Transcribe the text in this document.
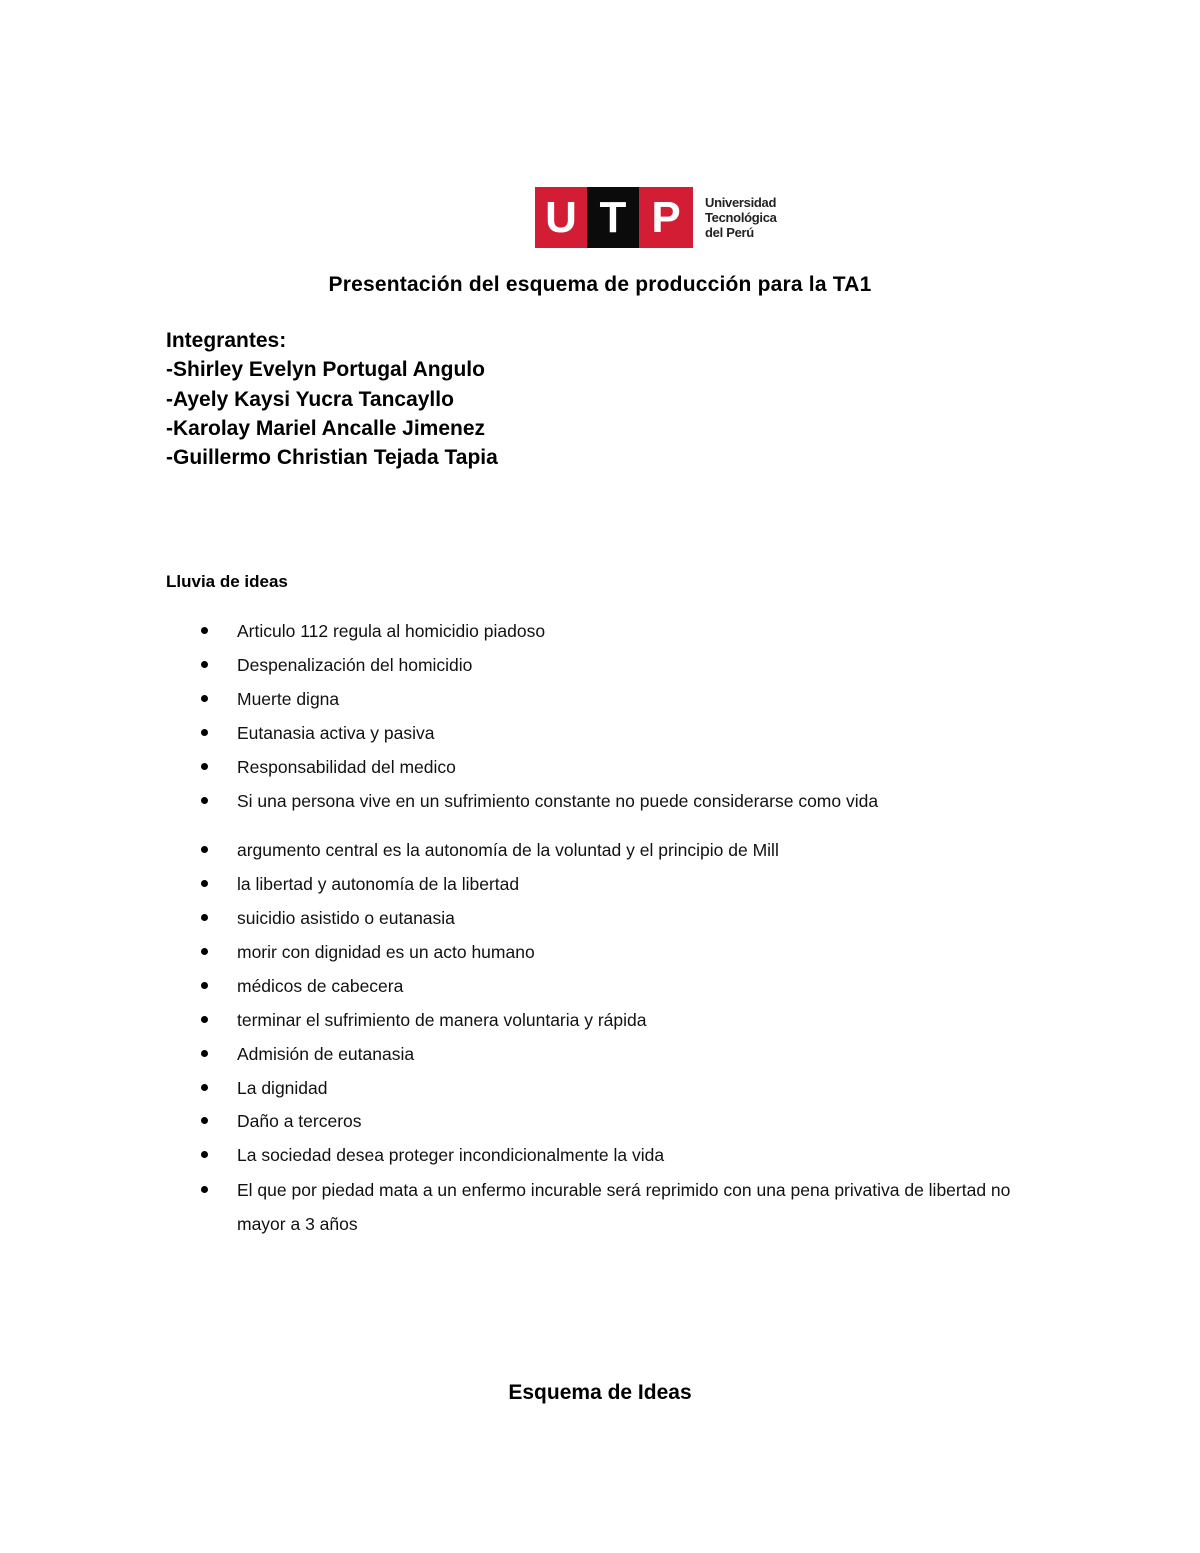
U T P	Universidad
Tecnológica
del Perú
Presentación del esquema de producción para la TA1
Integrantes:
-Shirley Evelyn Portugal Angulo
-Ayely Kaysi Yucra Tancayllo
-Karolay Mariel Ancalle Jimenez
-Guillermo Christian Tejada Tapia
Lluvia de ideas
Articulo 112 regula al homicidio piadoso
Despenalización del homicidio
Muerte digna
Eutanasia activa y pasiva
Responsabilidad del medico
Si una persona vive en un sufrimiento constante no puede considerarse como vida
argumento central es la autonomía de la voluntad y el principio de Mill
la libertad y autonomía de la libertad
suicidio asistido o eutanasia
morir con dignidad es un acto humano
médicos de cabecera
terminar el sufrimiento de manera voluntaria y rápida
Admisión de eutanasia
La dignidad
Daño a terceros
La sociedad desea proteger incondicionalmente la vida
El que por piedad mata a un enfermo incurable será reprimido con una pena privativa de libertad no mayor a 3 años
Esquema de Ideas
